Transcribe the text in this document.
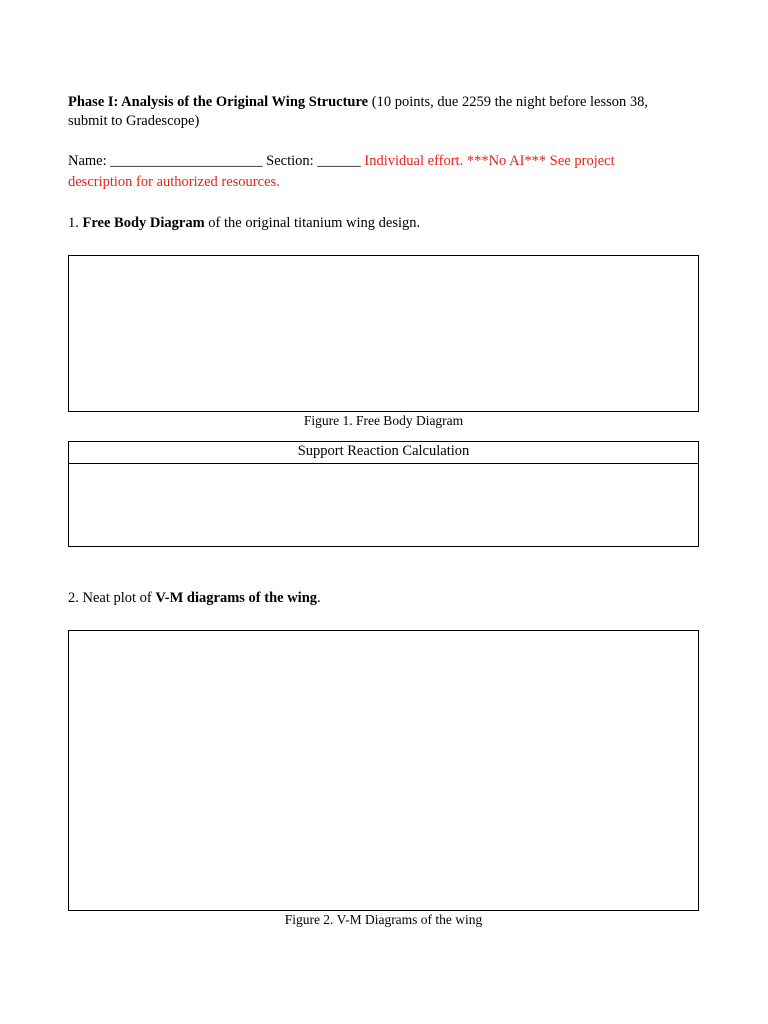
Phase I: Analysis of the Original Wing Structure (10 points, due 2259 the night before lesson 38,
submit to Gradescope)
Name: _____________________ Section: ______ Individual effort. ***No AI*** See project
description for authorized resources.
1. Free Body Diagram of the original titanium wing design.
Figure 1. Free Body Diagram
Support Reaction Calculation
2. Neat plot of V-M diagrams of the wing.
Figure 2. V-M Diagrams of the wing
